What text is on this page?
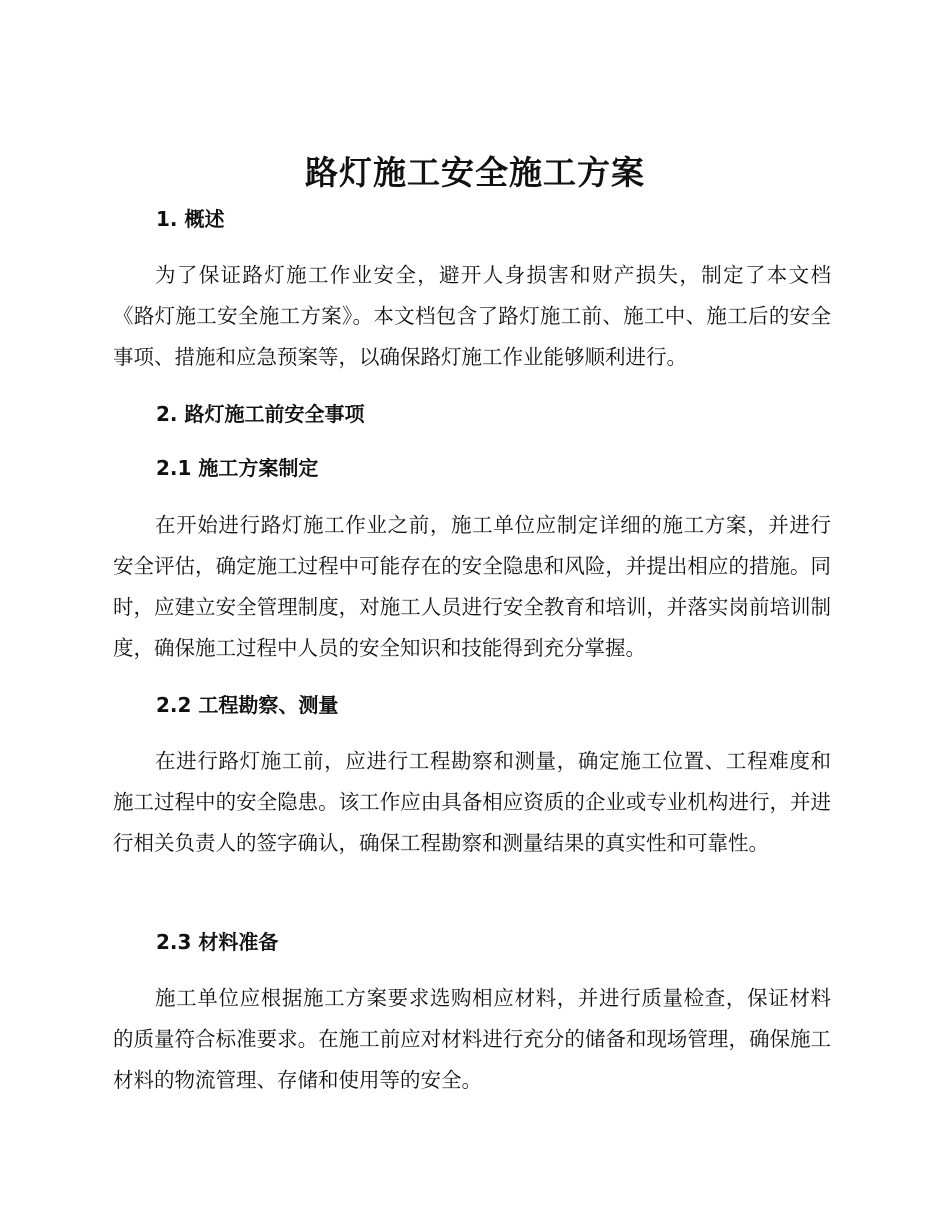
路灯施工安全施工方案
1. 概述

为了保证路灯施工作业安全，避开人身损害和财产损失，制定了本文档《路灯施工安全施工方案》。本文档包含了路灯施工前、施工中、施工后的安全事项、措施和应急预案等，以确保路灯施工作业能够顺利进行。

2. 路灯施工前安全事项
2.1 施工方案制定

在开始进行路灯施工作业之前，施工单位应制定详细的施工方案，并进行安全评估，确定施工过程中可能存在的安全隐患和风险，并提出相应的措施。同时，应建立安全管理制度，对施工人员进行安全教育和培训，并落实岗前培训制度，确保施工过程中人员的安全知识和技能得到充分掌握。

2.2 工程勘察、测量

在进行路灯施工前，应进行工程勘察和测量，确定施工位置、工程难度和施工过程中的安全隐患。该工作应由具备相应资质的企业或专业机构进行，并进行相关负责人的签字确认，确保工程勘察和测量结果的真实性和可靠性。

2.3 材料准备

施工单位应根据施工方案要求选购相应材料，并进行质量检查，保证材料的质量符合标准要求。在施工前应对材料进行充分的储备和现场管理，确保施工材料的物流管理、存储和使用等的安全。
